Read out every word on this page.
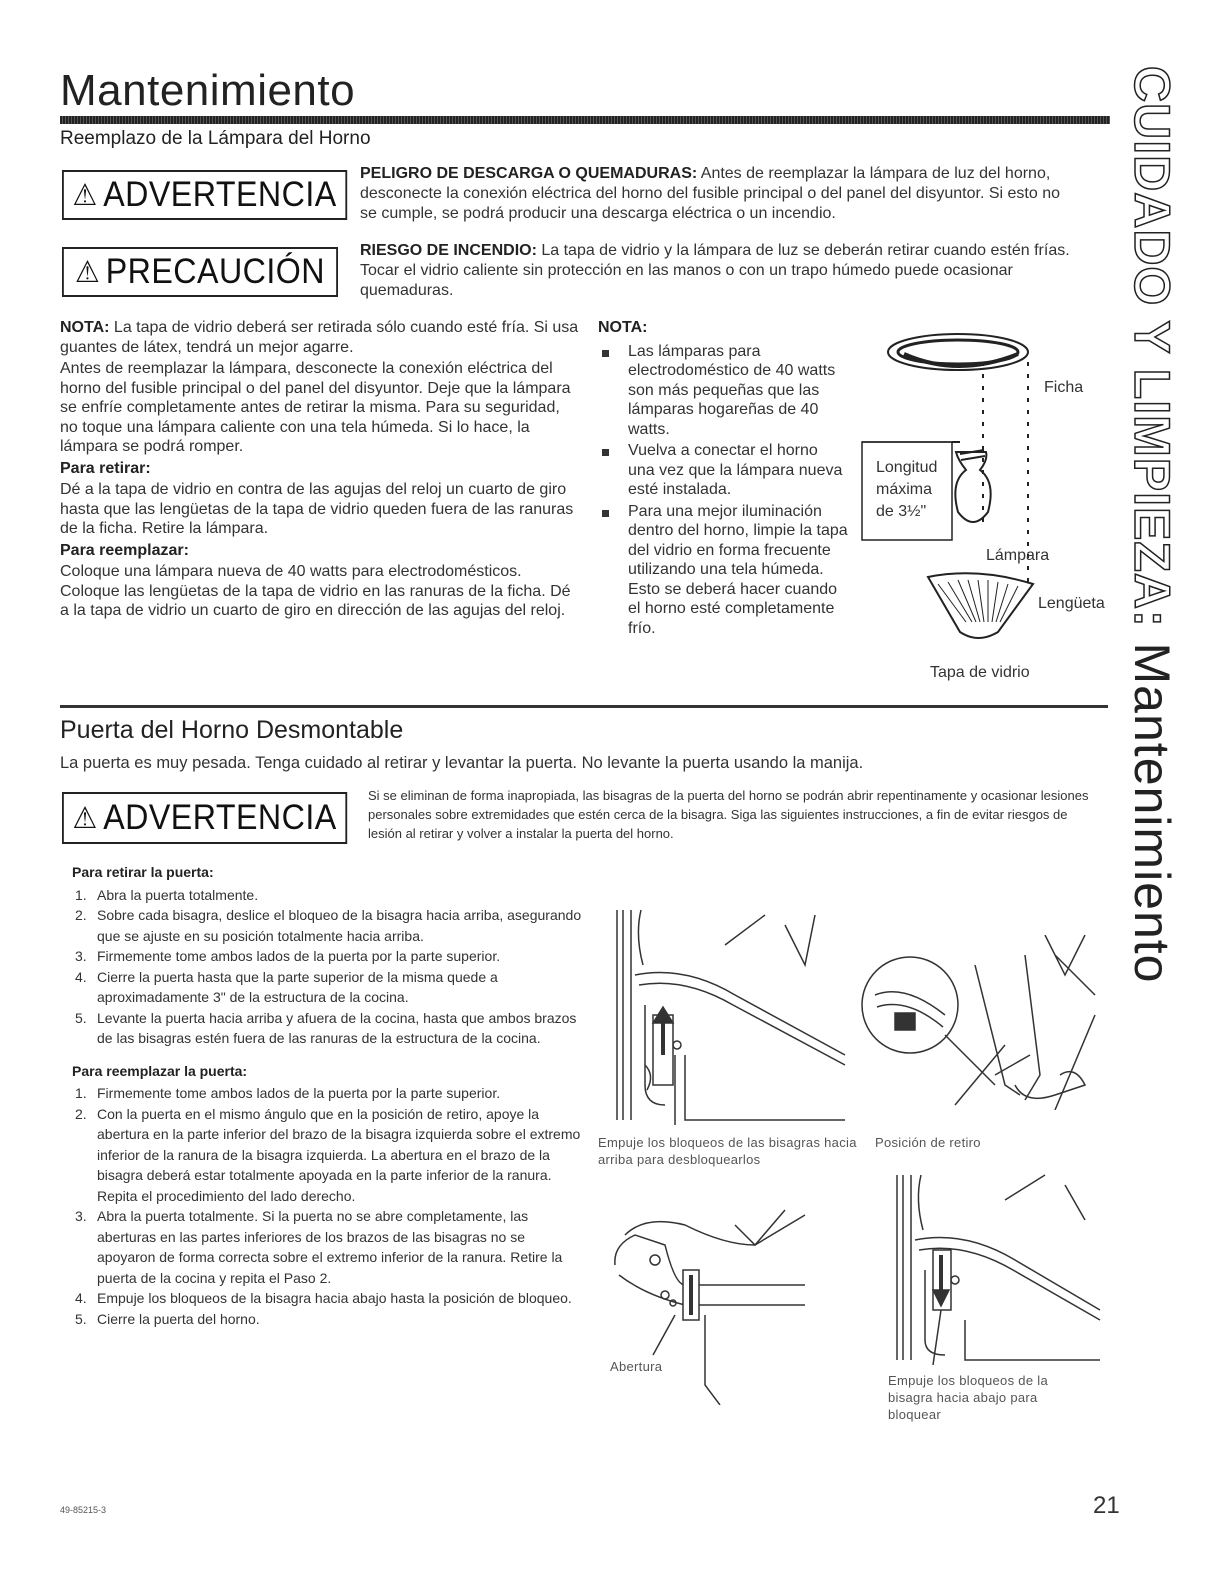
Mantenimiento	CUIDADO Y LIMPIEZA: Mantenimiento
Reemplazo de la Lámpara del Horno
⚠ ADVERTENCIA
PELIGRO DE DESCARGA O QUEMADURAS: Antes de reemplazar la lámpara de luz del horno, desconecte la conexión eléctrica del horno del fusible principal o del panel del disyuntor. Si esto no se cumple, se podrá producir una descarga eléctrica o un incendio.
⚠ PRECAUCIÓN
RIESGO DE INCENDIO: La tapa de vidrio y la lámpara de luz se deberán retirar cuando estén frías. Tocar el vidrio caliente sin protección en las manos o con un trapo húmedo puede ocasionar quemaduras.

NOTA: La tapa de vidrio deberá ser retirada sólo cuando esté fría. Si usa guantes de látex, tendrá un mejor agarre.

Antes de reemplazar la lámpara, desconecte la conexión eléctrica del horno del fusible principal o del panel del disyuntor. Deje que la lámpara se enfríe completamente antes de retirar la misma. Para su seguridad, no toque una lámpara caliente con una tela húmeda. Si lo hace, la lámpara se podrá romper.

Para retirar:

Dé a la tapa de vidrio en contra de las agujas del reloj un cuarto de giro hasta que las lengüetas de la tapa de vidrio queden fuera de las ranuras de la ficha. Retire la lámpara.

Para reemplazar:

Coloque una lámpara nueva de 40 watts para electrodomésticos. Coloque las lengüetas de la tapa de vidrio en las ranuras de la ficha. Dé a la tapa de vidrio un cuarto de giro en dirección de las agujas del reloj.

NOTA:

Las lámparas para electrodoméstico de 40 watts son más pequeñas que las lámparas hogareñas de 40 watts.
Vuelva a conectar el horno una vez que la lámpara nueva esté instalada.
Para una mejor iluminación dentro del horno, limpie la tapa del vidrio en forma frecuente utilizando una tela húmeda. Esto se deberá hacer cuando el horno esté completamente frío.
Ficha
Longitud
máxima
de 3½"
Lámpara
Lengüeta
Tapa de vidrio
Puerta del Horno Desmontable
La puerta es muy pesada. Tenga cuidado al retirar y levantar la puerta. No levante la puerta usando la manija.
⚠ ADVERTENCIA
Si se eliminan de forma inapropiada, las bisagras de la puerta del horno se podrán abrir repentinamente y ocasionar lesiones personales sobre extremidades que estén cerca de la bisagra. Siga las siguientes instrucciones, a fin de evitar riesgos de lesión al retirar y volver a instalar la puerta del horno.
Para retirar la puerta:
1. Abra la puerta totalmente.
2. Sobre cada bisagra, deslice el bloqueo de la bisagra hacia arriba, asegurando que se ajuste en su posición totalmente hacia arriba.
3. Firmemente tome ambos lados de la puerta por la parte superior.
4. Cierre la puerta hasta que la parte superior de la misma quede a aproximadamente 3" de la estructura de la cocina.
5. Levante la puerta hacia arriba y afuera de la cocina, hasta que ambos brazos de las bisagras estén fuera de las ranuras de la estructura de la cocina.
Para reemplazar la puerta:
1. Firmemente tome ambos lados de la puerta por la parte superior.
2. Con la puerta en el mismo ángulo que en la posición de retiro, apoye la abertura en la parte inferior del brazo de la bisagra izquierda sobre el extremo inferior de la ranura de la bisagra izquierda. La abertura en el brazo de la bisagra deberá estar totalmente apoyada en la parte inferior de la ranura. Repita el procedimiento del lado derecho.
3. Abra la puerta totalmente. Si la puerta no se abre completamente, las aberturas en las partes inferiores de los brazos de las bisagras no se apoyaron de forma correcta sobre el extremo inferior de la ranura. Retire la puerta de la cocina y repita el Paso 2.
4. Empuje los bloqueos de la bisagra hacia abajo hasta la posición de bloqueo.
5. Cierre la puerta del horno.
Empuje los bloqueos de las bisagras hacia arriba para desbloquearlos
Posición de retiro
Abertura
Empuje los bloqueos de la bisagra hacia abajo para bloquear
49-85215-3	21
